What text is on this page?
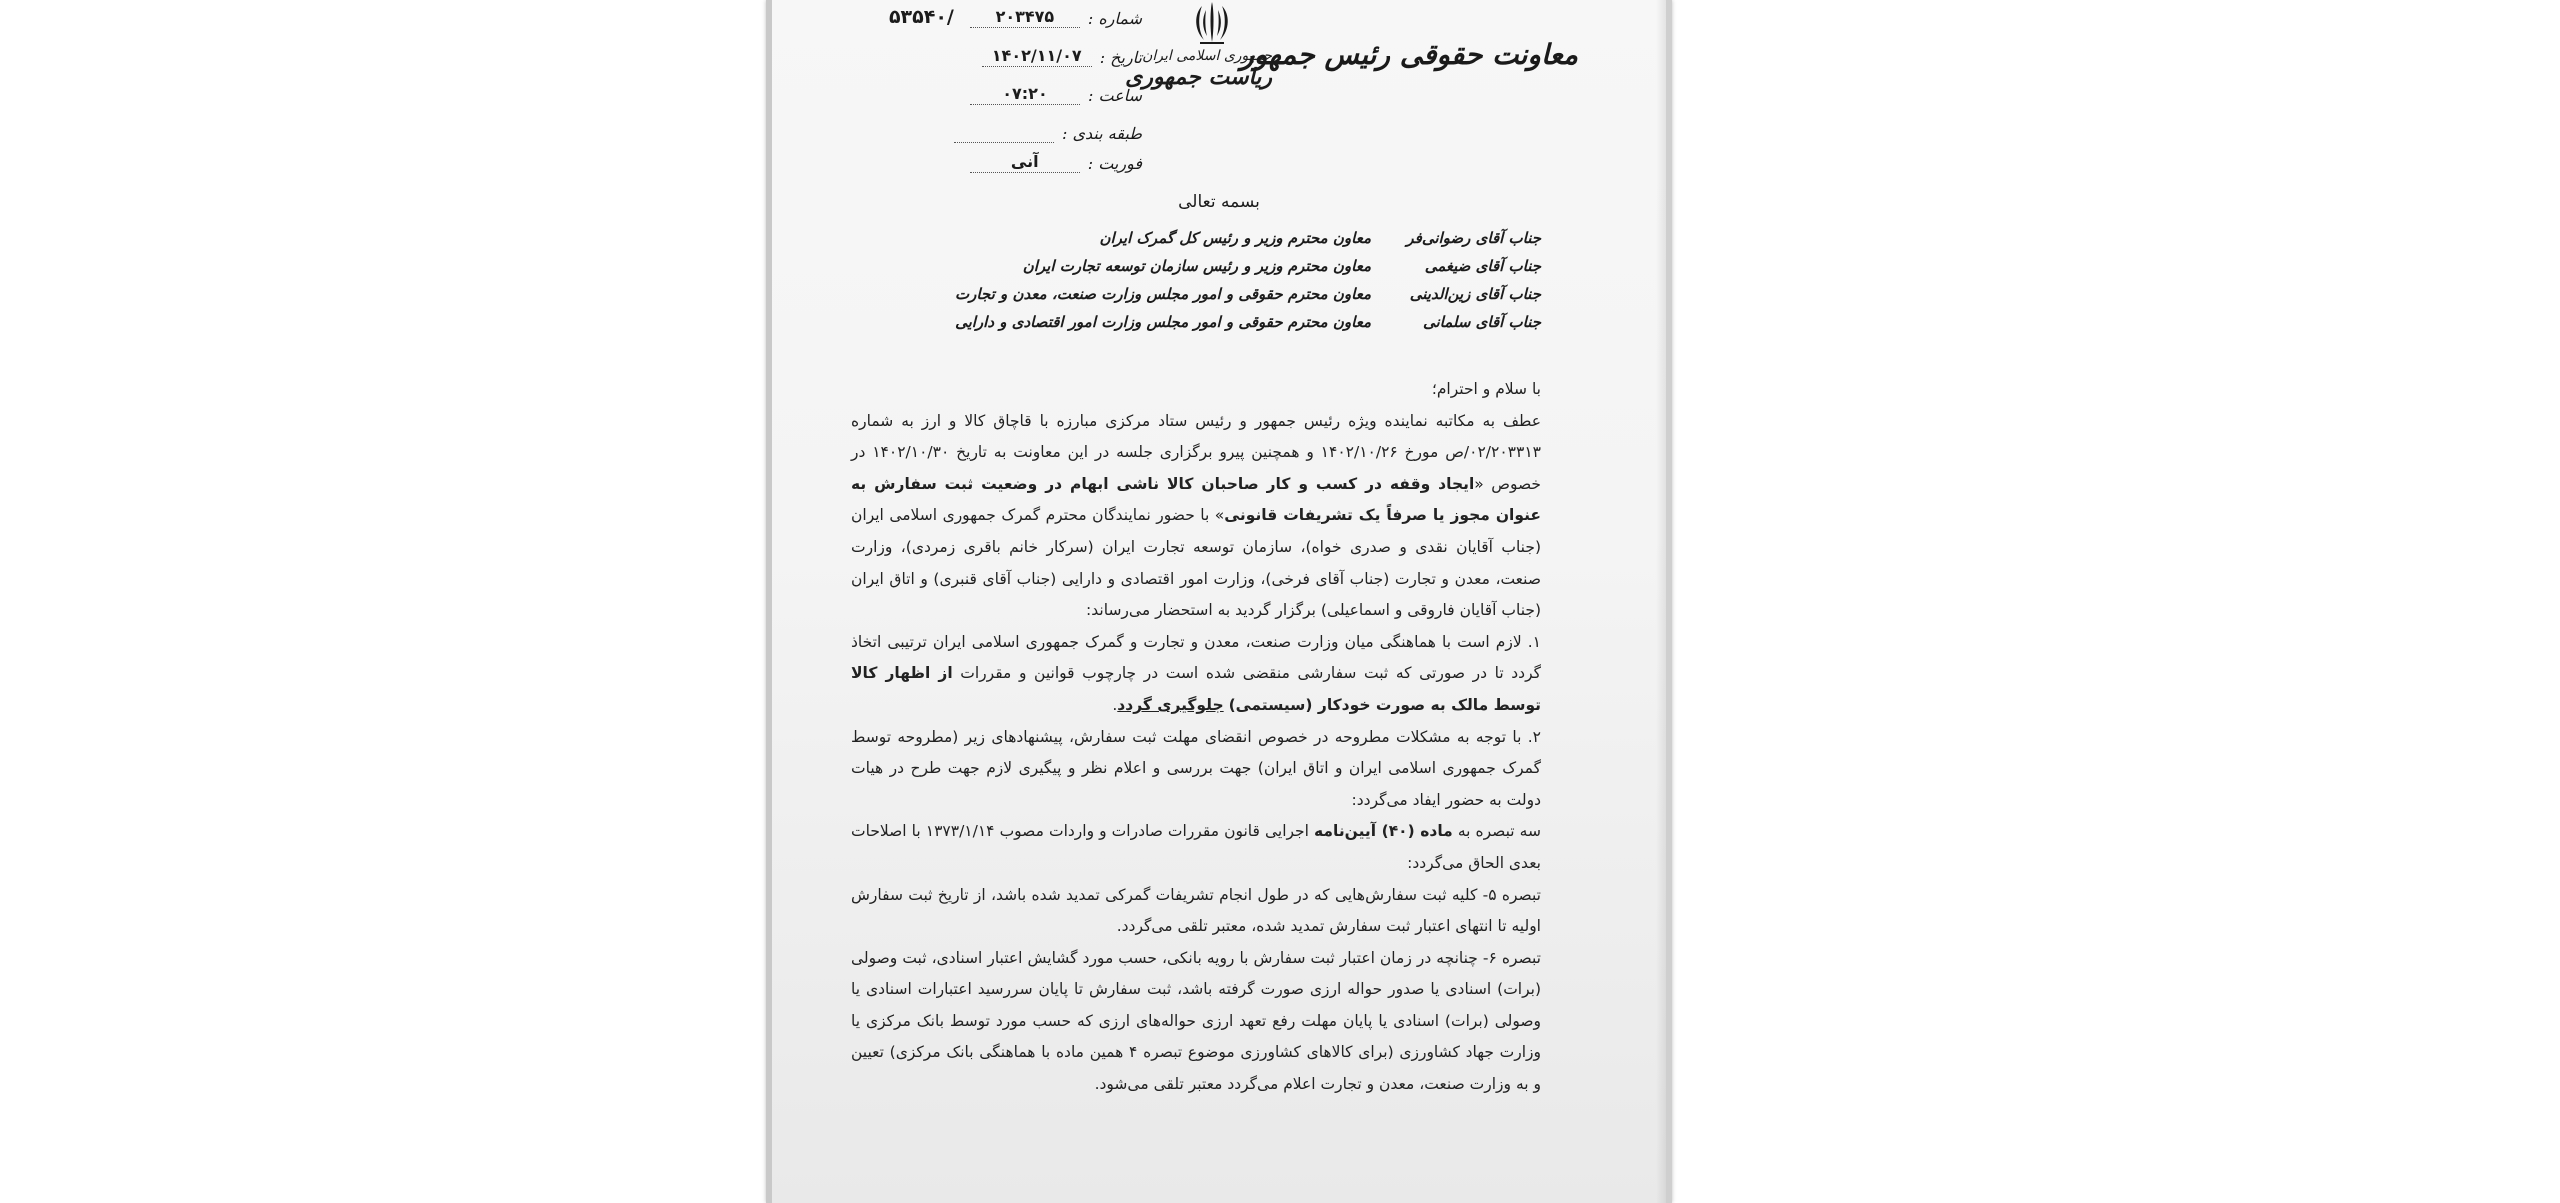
معاونت حقوقی رئیس جمهور
جمهوری اسلامی ایران
ریاست جمهوری
شماره :
۲۰۳۴۷۵
۵۳۵۴۰/
تاریخ :
۱۴۰۲/۱۱/۰۷
ساعت :
۰۷:۲۰
طبقه بندی :
فوریت :
آنی
بسمه تعالی
جناب آقای رضوانی‌فر
معاون محترم وزیر و رئیس کل گمرک ایران
جناب آقای ضیغمی
معاون محترم وزیر و رئیس سازمان توسعه تجارت ایران
جناب آقای زین‌الدینی
معاون محترم حقوقی و امور مجلس وزارت صنعت، معدن و تجارت
جناب آقای سلمانی
معاون محترم حقوقی و امور مجلس وزارت امور اقتصادی و دارایی

با سلام و احترام؛

عطف به مکاتبه نماینده ویژه رئیس جمهور و رئیس ستاد مرکزی مبارزه با قاچاق کالا و ارز به شماره ۰۲/۲۰۳۳۱۳/ص مورخ ۱۴۰۲/۱۰/۲۶ و همچنین پیرو برگزاری جلسه در این معاونت به تاریخ ۱۴۰۲/۱۰/۳۰ در خصوص «ایجاد وقفه در کسب و کار صاحبان کالا ناشی ابهام در وضعیت ثبت سفارش به عنوان مجوز یا صرفاً یک تشریفات قانونی» با حضور نمایندگان محترم گمرک جمهوری اسلامی ایران (جناب آقایان نقدی و صدری خواه)، سازمان توسعه تجارت ایران (سرکار خانم باقری زمردی)، وزارت صنعت، معدن و تجارت (جناب آقای فرخی)، وزارت امور اقتصادی و دارایی (جناب آقای قنبری) و اتاق ایران (جناب آقایان فاروقی و اسماعیلی) برگزار گردید به استحضار می‌رساند:

۱. لازم است با هماهنگی میان وزارت صنعت، معدن و تجارت و گمرک جمهوری اسلامی ایران ترتیبی اتخاذ گردد تا در صورتی که ثبت سفارشی منقضی شده است در چارچوب قوانین و مقررات از اظهار کالا توسط مالک به صورت خودکار (سیستمی) جلوگیری گردد.

۲. با توجه به مشکلات مطروحه در خصوص انقضای مهلت ثبت سفارش، پیشنهادهای زیر (مطروحه توسط گمرک جمهوری اسلامی ایران و اتاق ایران) جهت بررسی و اعلام نظر و پیگیری لازم جهت طرح در هیات دولت به حضور ایفاد می‌گردد:

سه تبصره به ماده (۴۰) آیین‌نامه اجرایی قانون مقررات صادرات و واردات مصوب ۱۳۷۳/۱/۱۴ با اصلاحات بعدی الحاق می‌گردد:

تبصره ۵- کلیه ثبت سفارش‌هایی که در طول انجام تشریفات گمرکی تمدید شده باشد، از تاریخ ثبت سفارش اولیه تا انتهای اعتبار ثبت سفارش تمدید شده، معتبر تلقی می‌گردد.

تبصره ۶- چنانچه در زمان اعتبار ثبت سفارش با رویه بانکی، حسب مورد گشایش اعتبار اسنادی، ثبت وصولی (برات) اسنادی یا صدور حواله ارزی صورت گرفته باشد، ثبت سفارش تا پایان سررسید اعتبارات اسنادی یا وصولی (برات) اسنادی یا پایان مهلت رفع تعهد ارزی حواله‌های ارزی که حسب مورد توسط بانک مرکزی یا وزارت جهاد کشاورزی (برای کالاهای کشاورزی موضوع تبصره ۴ همین ماده با هماهنگی بانک مرکزی) تعیین و به وزارت صنعت، معدن و تجارت اعلام می‌گردد معتبر تلقی می‌شود.
